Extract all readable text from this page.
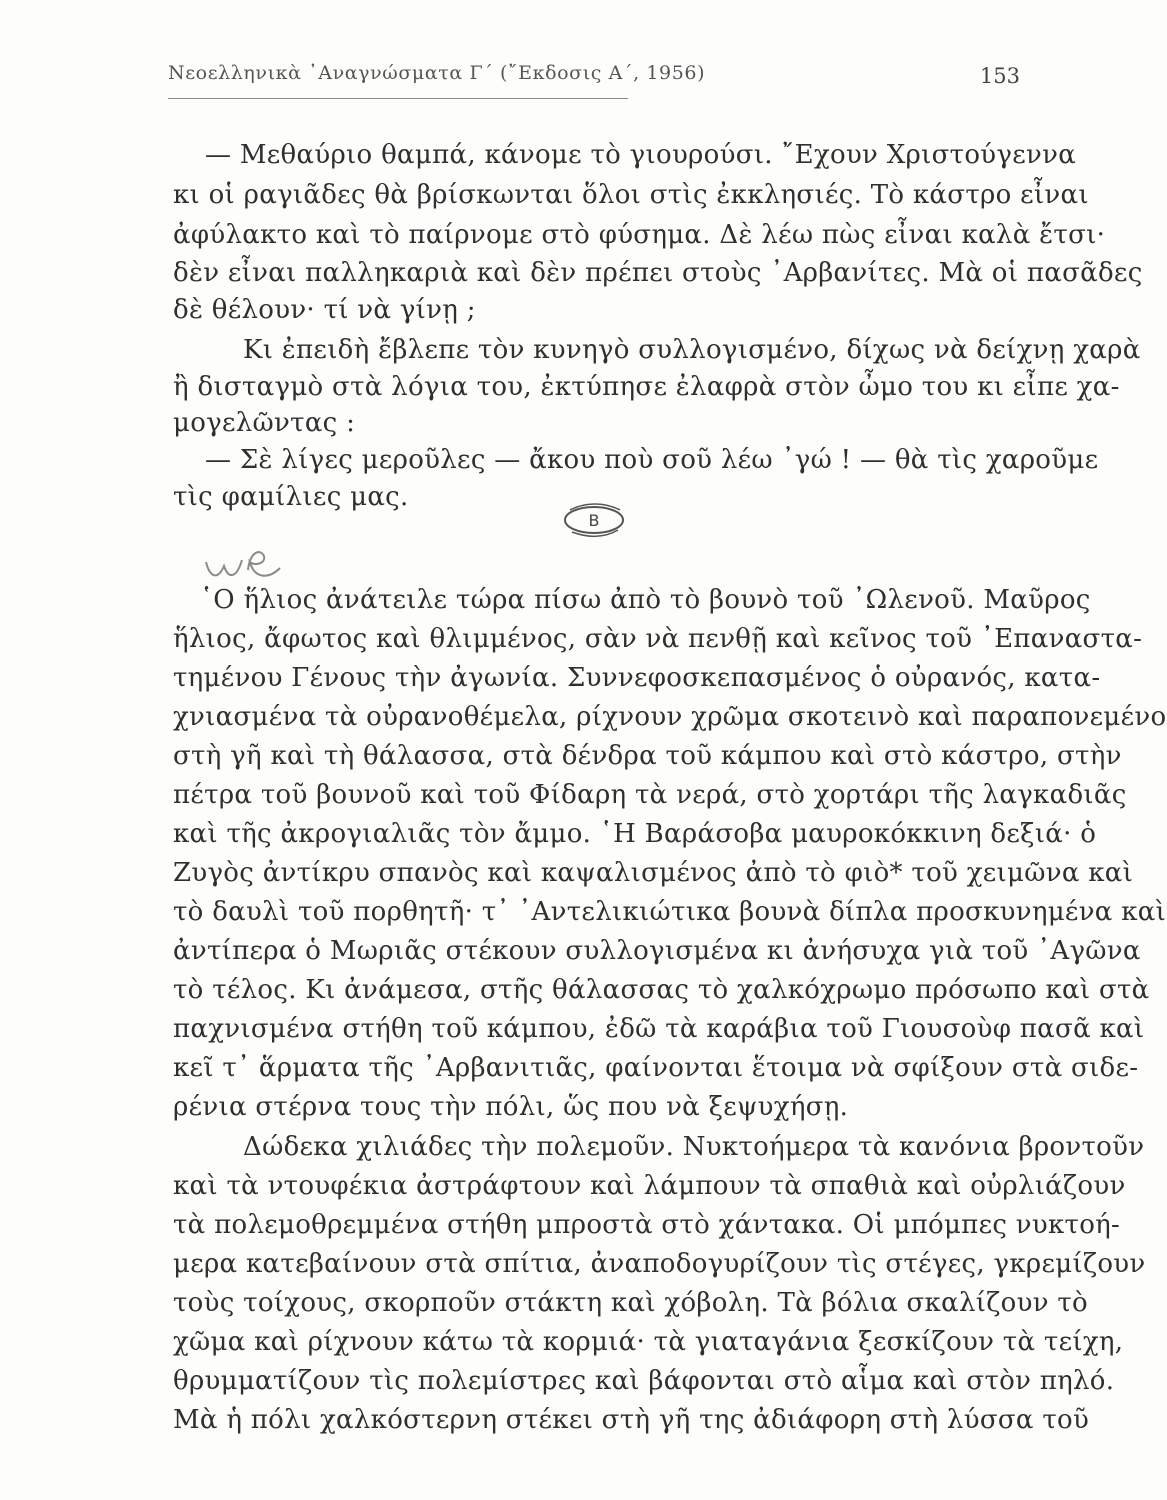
Νεοελληνικὰ ᾿Αναγνώσματα Γ΄ (῎Εκδοσις Α΄, 1956)	153
— Μεθαύριο θαμπά, κάνομε τὸ γιουρούσι. ῎Εχουν Χριστούγεννα
κι οἱ ραγιᾶδες θὰ βρίσκωνται ὅλοι στὶς ἐκκλησιές. Τὸ κάστρο εἶναι
ἀφύλακτο καὶ τὸ παίρνομε στὸ φύσημα. Δὲ λέω πὼς εἶναι καλὰ ἔτσι·
δὲν εἶναι παλληκαριὰ καὶ δὲν πρέπει στοὺς ᾿Αρβανίτες. Μὰ οἱ πασᾶδες
δὲ θέλουν· τί νὰ γίνῃ ;
Κι ἐπειδὴ ἔβλεπε τὸν κυνηγὸ συλλογισμένο, δίχως νὰ δείχνῃ χαρὰ
ἢ δισταγμὸ στὰ λόγια του, ἐκτύπησε ἐλαφρὰ στὸν ὦμο του κι εἶπε χα-
μογελῶντας :
— Σὲ λίγες μεροῦλες — ἄκου ποὺ σοῦ λέω ᾿γώ ! — θὰ τὶς χαροῦμε
τὶς φαμίλιες μας.
B
῾Ο ἥλιος ἀνάτειλε τώρα πίσω ἀπὸ τὸ βουνὸ τοῦ ᾿Ωλενοῦ. Μαῦρος
ἥλιος, ἄφωτος καὶ θλιμμένος, σὰν νὰ πενθῇ καὶ κεῖνος τοῦ ᾿Επαναστα-
τημένου Γένους τὴν ἀγωνία. Συννεφοσκεπασμένος ὁ οὐρανός, κατα-
χνιασμένα τὰ οὐρανοθέμελα, ρίχνουν χρῶμα σκοτεινὸ καὶ παραπονεμένο
στὴ γῆ καὶ τὴ θάλασσα, στὰ δένδρα τοῦ κάμπου καὶ στὸ κάστρο, στὴν
πέτρα τοῦ βουνοῦ καὶ τοῦ Φίδαρη τὰ νερά, στὸ χορτάρι τῆς λαγκαδιᾶς
καὶ τῆς ἀκρογιαλιᾶς τὸν ἄμμο. ῾Η Βαράσοβα μαυροκόκκινη δεξιά· ὁ
Ζυγὸς ἀντίκρυ σπανὸς καὶ καψαλισμένος ἀπὸ τὸ φιὸ* τοῦ χειμῶνα καὶ
τὸ δαυλὶ τοῦ πορθητῆ· τ᾿ ᾿Αντελικιώτικα βουνὰ δίπλα προσκυνημένα καὶ
ἀντίπερα ὁ Μωριᾶς στέκουν συλλογισμένα κι ἀνήσυχα γιὰ τοῦ ᾿Αγῶνα
τὸ τέλος. Κι ἀνάμεσα, στῆς θάλασσας τὸ χαλκόχρωμο πρόσωπο καὶ στὰ
παχνισμένα στήθη τοῦ κάμπου, ἐδῶ τὰ καράβια τοῦ Γιουσοὺφ πασᾶ καὶ
κεῖ τ᾿ ἅρματα τῆς ᾿Αρβανιτιᾶς, φαίνονται ἕτοιμα νὰ σφίξουν στὰ σιδε-
ρένια στέρνα τους τὴν πόλι, ὥς που νὰ ξεψυχήσῃ.
Δώδεκα χιλιάδες τὴν πολεμοῦν. Νυκτοήμερα τὰ κανόνια βροντοῦν
καὶ τὰ ντουφέκια ἀστράφτουν καὶ λάμπουν τὰ σπαθιὰ καὶ οὐρλιάζουν
τὰ πολεμοθρεμμένα στήθη μπροστὰ στὸ χάντακα. Οἱ μπόμπες νυκτοή-
μερα κατεβαίνουν στὰ σπίτια, ἀναποδογυρίζουν τὶς στέγες, γκρεμίζουν
τοὺς τοίχους, σκορποῦν στάκτη καὶ χόβολη. Τὰ βόλια σκαλίζουν τὸ
χῶμα καὶ ρίχνουν κάτω τὰ κορμιά· τὰ γιαταγάνια ξεσκίζουν τὰ τείχη,
θρυμματίζουν τὶς πολεμίστρες καὶ βάφονται στὸ αἷμα καὶ στὸν πηλό.
Μὰ ἡ πόλι χαλκόστερνη στέκει στὴ γῆ της ἀδιάφορη στὴ λύσσα τοῦ
